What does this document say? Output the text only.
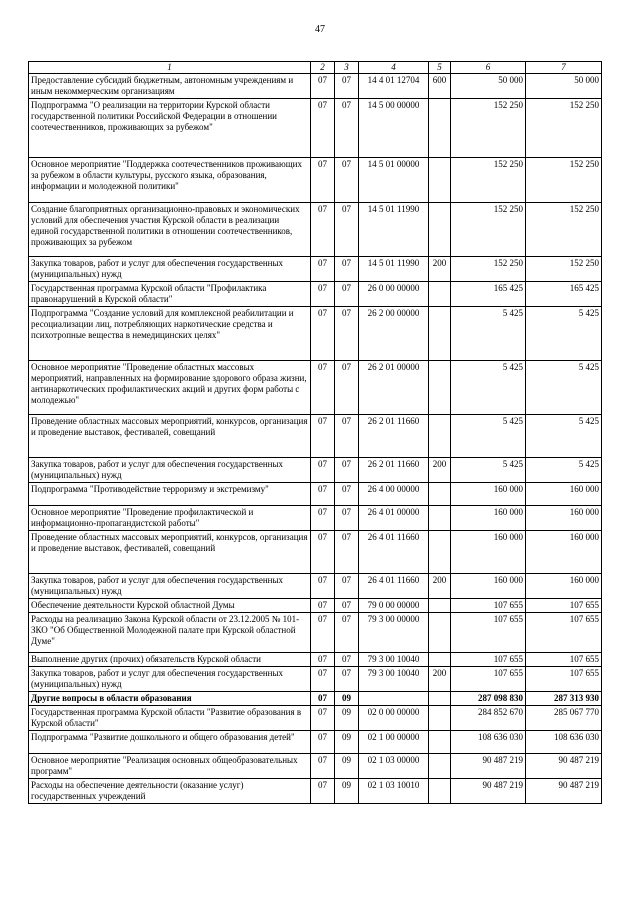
47
1	2	3	4	5	6	7
Предоставление субсидий бюджетным, автономным учреждениям и иным некоммерческим организациям	07	07	14 4 01 12704	600	50 000	50 000
Подпрограмма "О реализации на территории Курской области государственной политики Российской Федерации в отношении соотечественников, проживающих за рубежом"	07	07	14 5 00 00000		152 250	152 250
Основное мероприятие "Поддержка соотечественников проживающих за рубежом в области культуры, русского языка, образования, информации и молодежной политики"	07	07	14 5 01 00000		152 250	152 250
Создание благоприятных организационно-правовых и экономических условий для обеспечения участия Курской области в реализации единой государственной политики в отношении соотечественников, проживающих за рубежом	07	07	14 5 01 11990		152 250	152 250
Закупка товаров, работ и услуг для обеспечения государственных (муниципальных) нужд	07	07	14 5 01 11990	200	152 250	152 250
Государственная программа Курской области "Профилактика правонарушений в Курской области"	07	07	26 0 00 00000		165 425	165 425
Подпрограмма "Создание условий для комплексной реабилитации и ресоциализации лиц, потребляющих наркотические средства и психотропные вещества в немедицинских целях"	07	07	26 2 00 00000		5 425	5 425
Основное мероприятие "Проведение областных массовых мероприятий, направленных на формирование здорового образа жизни, антинаркотических профилактических акций и других форм работы с молодежью"	07	07	26 2 01 00000		5 425	5 425
Проведение областных массовых мероприятий, конкурсов, организация и проведение выставок, фестивалей, совещаний	07	07	26 2 01 11660		5 425	5 425
Закупка товаров, работ и услуг для обеспечения государственных (муниципальных) нужд	07	07	26 2 01 11660	200	5 425	5 425
Подпрограмма "Противодействие терроризму и экстремизму"	07	07	26 4 00 00000		160 000	160 000
Основное мероприятие "Проведение профилактической и информационно-пропагандистской работы"	07	07	26 4 01 00000		160 000	160 000
Проведение областных массовых мероприятий, конкурсов, организация и проведение выставок, фестивалей, совещаний	07	07	26 4 01 11660		160 000	160 000
Закупка товаров, работ и услуг для обеспечения государственных (муниципальных) нужд	07	07	26 4 01 11660	200	160 000	160 000
Обеспечение деятельности Курской областной Думы	07	07	79 0 00 00000		107 655	107 655
Расходы на реализацию Закона Курской области от 23.12.2005 № 101-ЗКО "Об Общественной Молодежной палате при Курской областной Думе"	07	07	79 3 00 00000		107 655	107 655
Выполнение других (прочих) обязательств Курской области	07	07	79 3 00 10040		107 655	107 655
Закупка товаров, работ и услуг для обеспечения государственных (муниципальных) нужд	07	07	79 3 00 10040	200	107 655	107 655
Другие вопросы в области образования	07	09			287 098 830	287 313 930
Государственная программа Курской области "Развитие образования в Курской области"	07	09	02 0 00 00000		284 852 670	285 067 770
Подпрограмма "Развитие дошкольного и общего образования детей"	07	09	02 1 00 00000		108 636 030	108 636 030
Основное мероприятие "Реализация основных общеобразовательных программ"	07	09	02 1 03 00000		90 487 219	90 487 219
Расходы на обеспечение деятельности (оказание услуг) государственных учреждений	07	09	02 1 03 10010		90 487 219	90 487 219
